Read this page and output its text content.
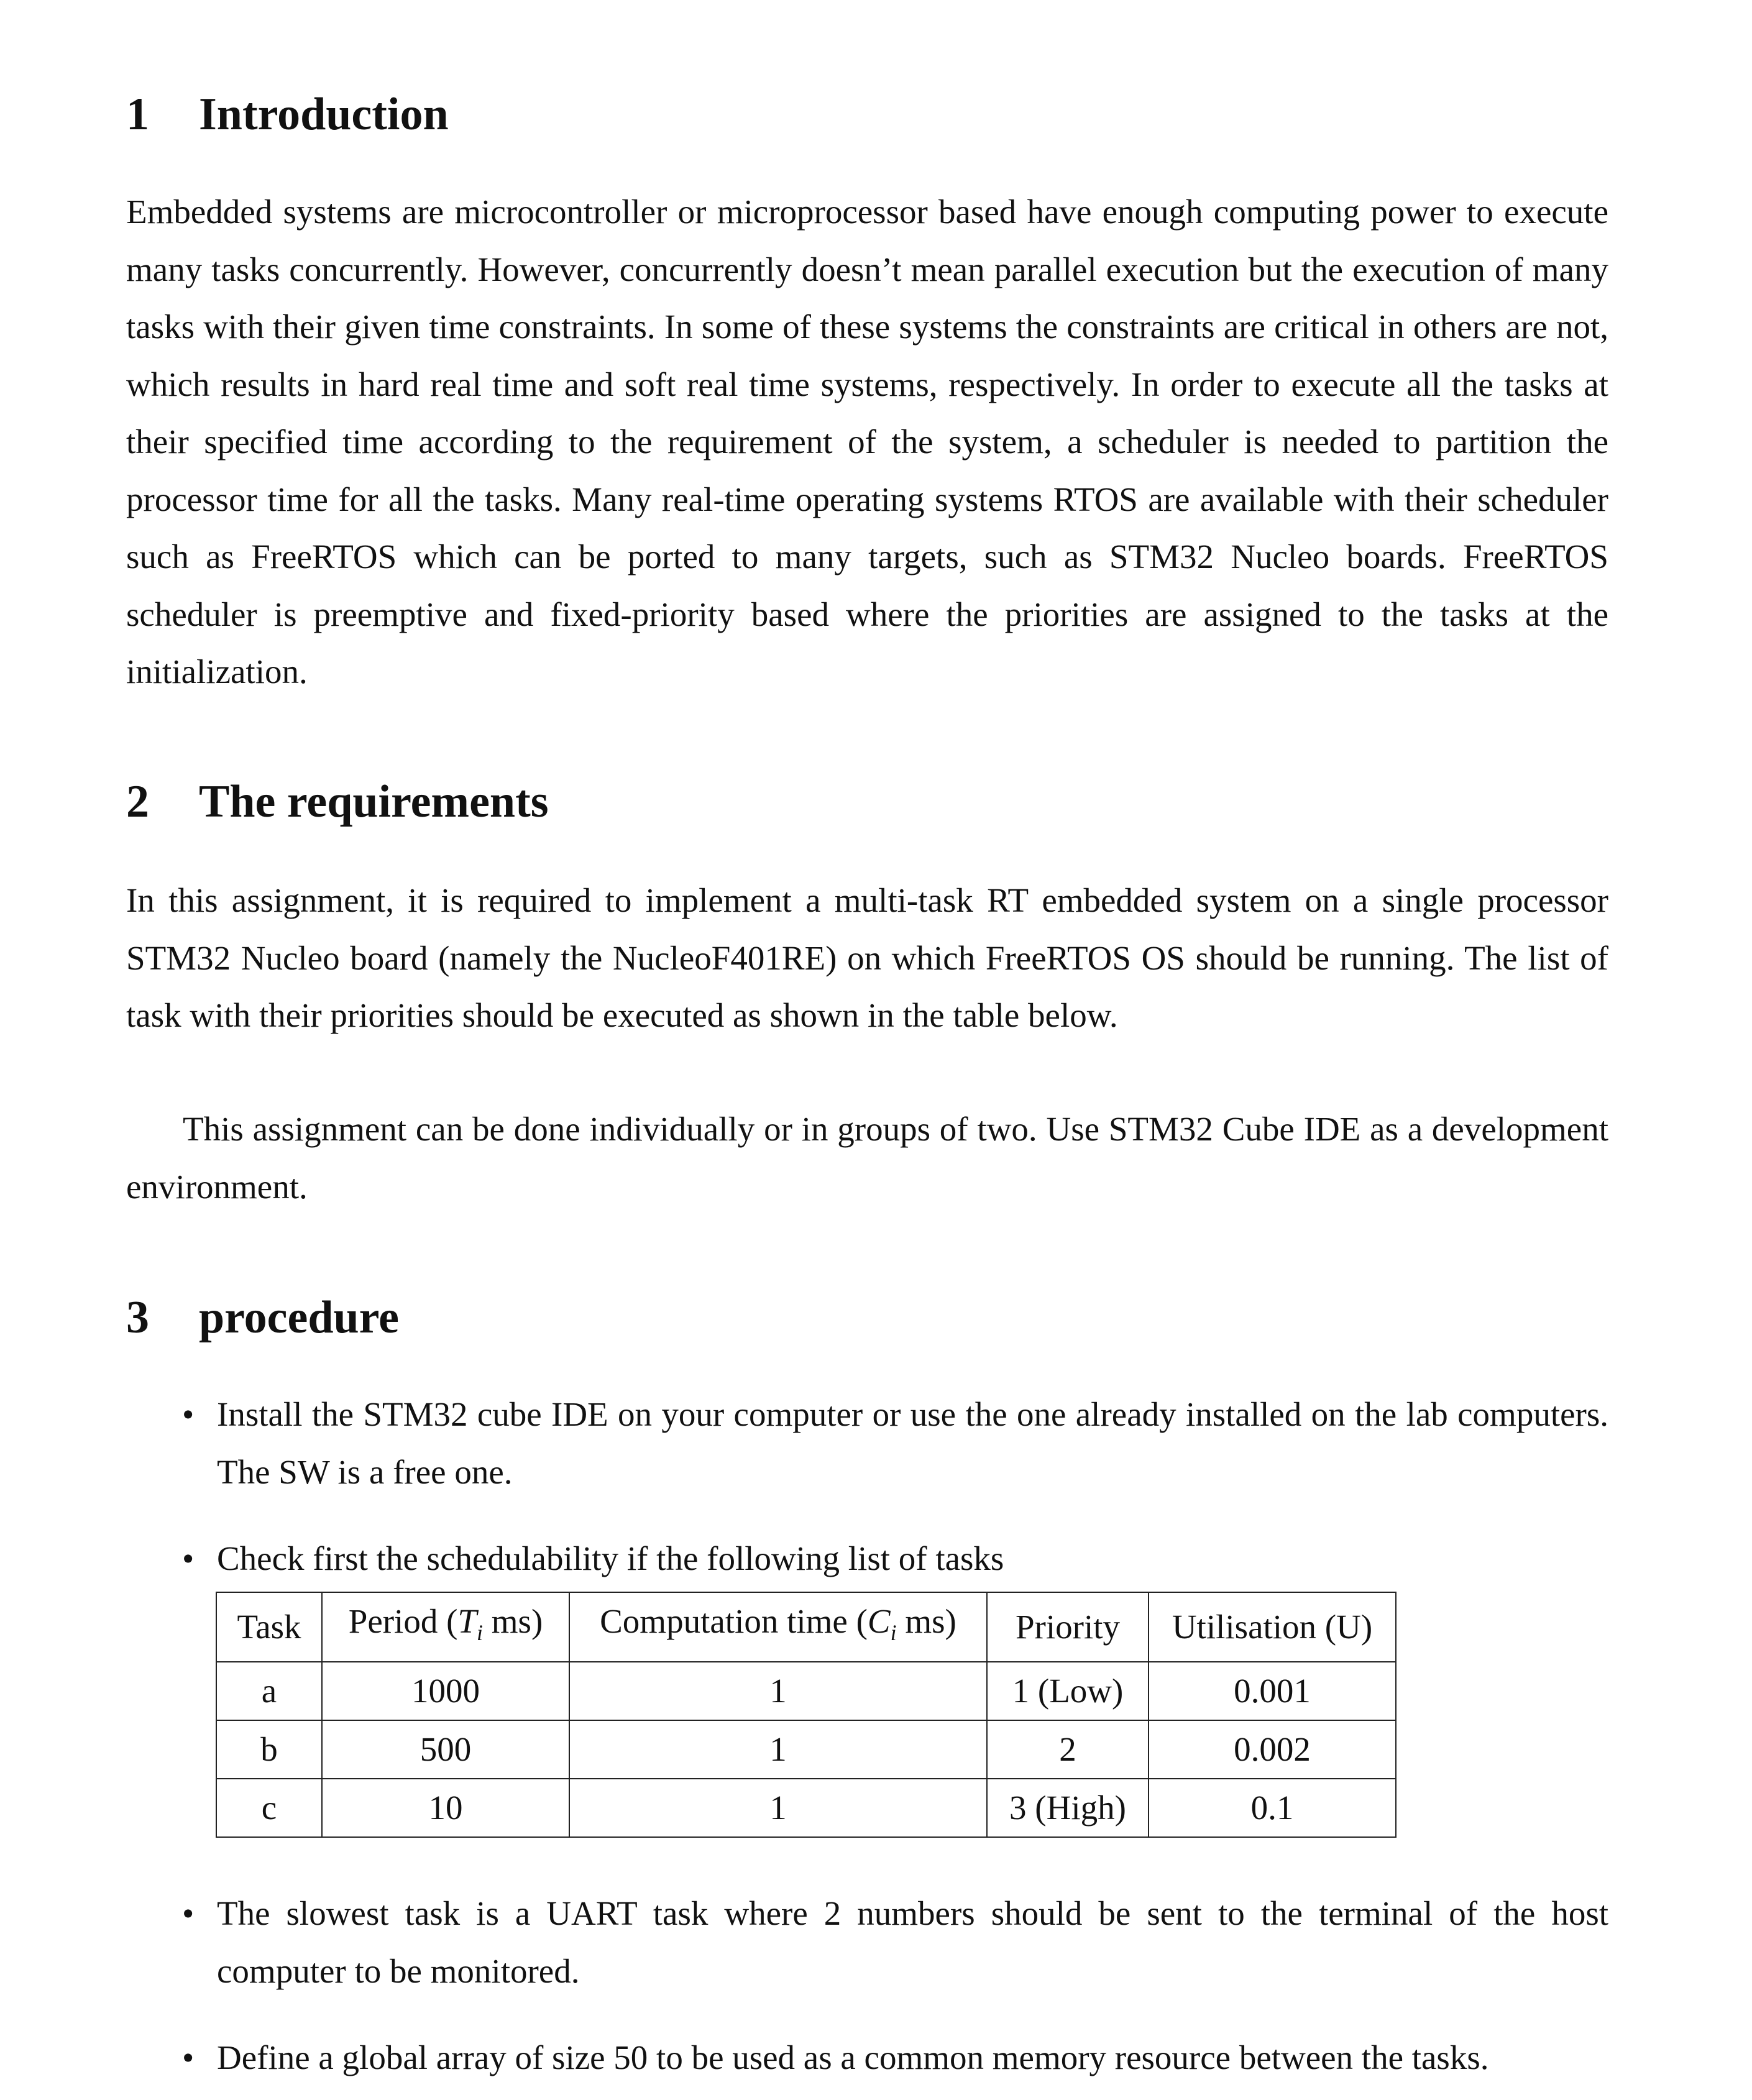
1 Introduction

Embedded systems are microcontroller or microprocessor based have enough computing power to execute many tasks concurrently. However, concurrently doesn’t mean parallel execution but the execution of many tasks with their given time constraints. In some of these systems the constraints are critical in others are not, which results in hard real time and soft real time systems, respectively. In order to execute all the tasks at their specified time according to the requirement of the system, a scheduler is needed to partition the processor time for all the tasks. Many real-time operating systems RTOS are available with their scheduler such as FreeRTOS which can be ported to many targets, such as STM32 Nucleo boards. FreeRTOS scheduler is preemptive and fixed-priority based where the priorities are assigned to the tasks at the initialization.

2 The requirements

In this assignment, it is required to implement a multi-task RT embedded system on a single processor STM32 Nucleo board (namely the NucleoF401RE) on which FreeRTOS OS should be running. The list of task with their priorities should be executed as shown in the table below.

This assignment can be done individually or in groups of two. Use STM32 Cube IDE as a development environment.

3 procedure
• Install the STM32 cube IDE on your computer or use the one already installed on the lab computers. The SW is a free one.

• Check first the schedulability if the following list of tasks

Task	Period ($T_i$ ms)	Computation time ($C_i$ ms)	Priority	Utilisation (U)
a	1000	1	1 (Low)	0.001
b	500	1	2	0.002
c	10	1	3 (High)	0.1
• The slowest task is a UART task where 2 numbers should be sent to the terminal of the host computer to be monitored.

• Define a global array of size 50 to be used as a common memory resource between the tasks.
